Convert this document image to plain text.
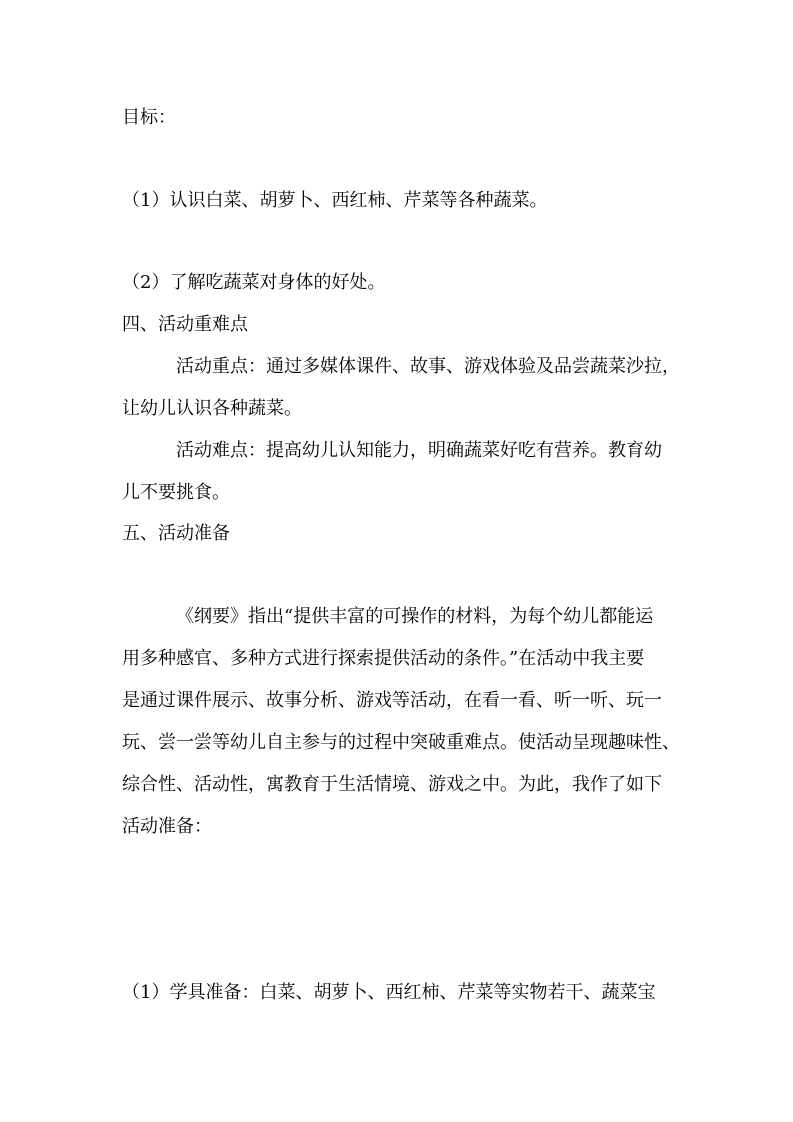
目标：

（1）认识白菜、胡萝卜、西红柿、芹菜等各种蔬菜。

（2）了解吃蔬菜对身体的好处。

四、活动重难点

活动重点：通过多媒体课件、故事、游戏体验及品尝蔬菜沙拉，

让幼儿认识各种蔬菜。

活动难点：提高幼儿认知能力，明确蔬菜好吃有营养。教育幼

儿不要挑食。

五、活动准备

《纲要》指出“提供丰富的可操作的材料，为每个幼儿都能运

用多种感官、多种方式进行探索提供活动的条件。”在活动中我主要

是通过课件展示、故事分析、游戏等活动，在看一看、听一听、玩一

玩、尝一尝等幼儿自主参与的过程中突破重难点。使活动呈现趣味性、

综合性、活动性，寓教育于生活情境、游戏之中。为此，我作了如下

活动准备：

（1）学具准备：白菜、胡萝卜、西红柿、芹菜等实物若干、蔬菜宝
